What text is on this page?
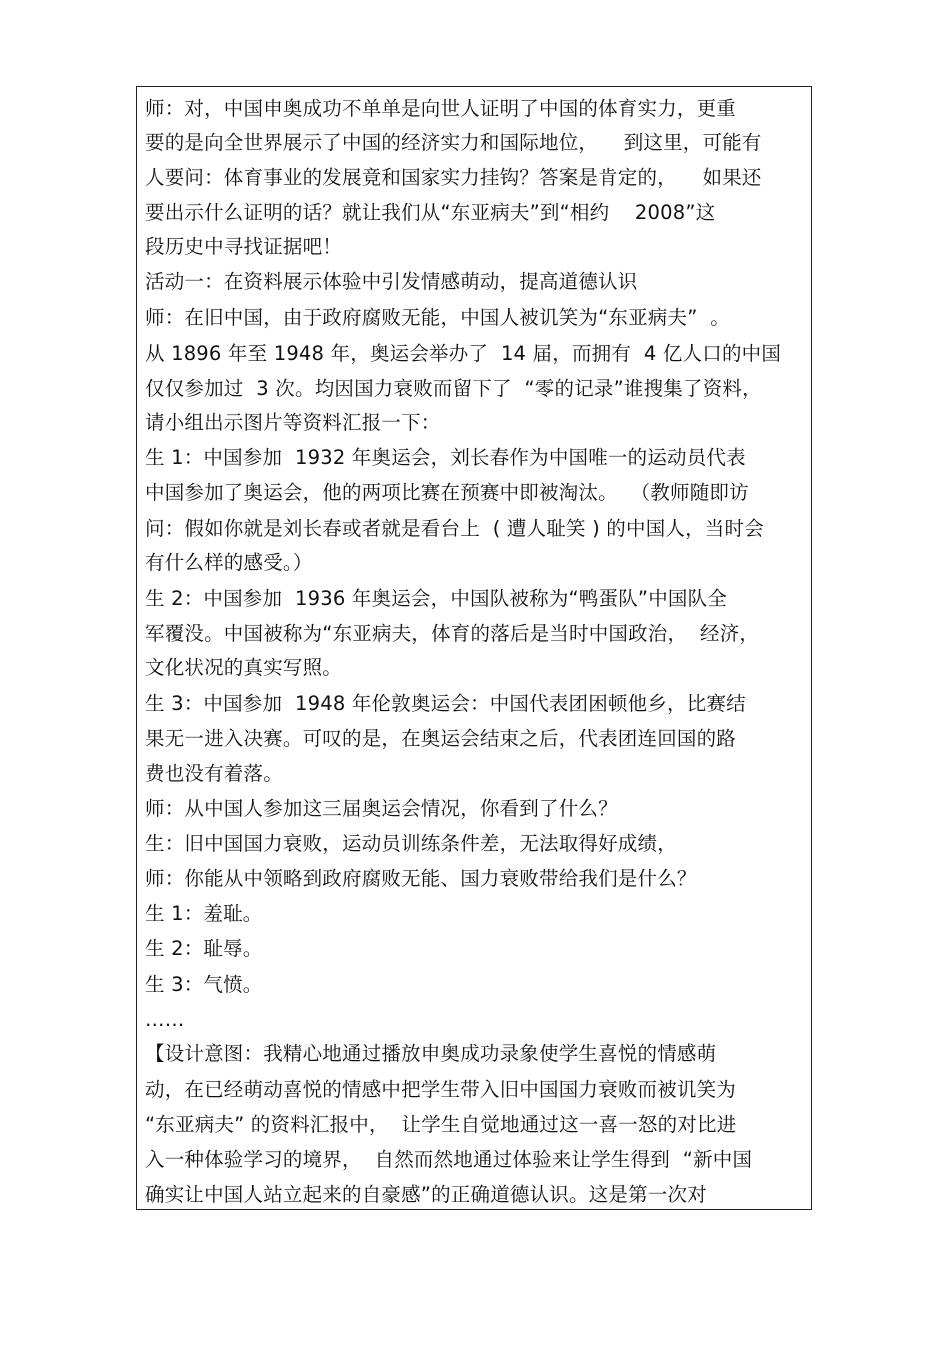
师：对，中国申奥成功不单单是向世人证明了中国的体育实力，更重
要的是向全世界展示了中国的经济实力和国际地位，    到这里，可能有
人要问：体育事业的发展竟和国家实力挂钩？答案是肯定的，    如果还
要出示什么证明的话？就让我们从“东亚病夫”到“相约    2008”这
段历史中寻找证据吧！
活动一：在资料展示体验中引发情感萌动，提高道德认识
师：在旧中国，由于政府腐败无能，中国人被讥笑为“东亚病夫”  。
从 1896 年至 1948 年，奥运会举办了  14 届，而拥有  4 亿人口的中国
仅仅参加过  3 次。均因国力衰败而留下了  “零的记录”谁搜集了资料，
请小组出示图片等资料汇报一下：
生 1：中国参加  1932 年奥运会，刘长春作为中国唯一的运动员代表
中国参加了奥运会，他的两项比赛在预赛中即被淘汰。  （教师随即访
问：假如你就是刘长春或者就是看台上  ( 遭人耻笑 ) 的中国人，当时会
有什么样的感受。）
生 2：中国参加  1936 年奥运会，中国队被称为“鸭蛋队”中国队全
军覆没。中国被称为“东亚病夫，体育的落后是当时中国政治，  经济，
文化状况的真实写照。
生 3：中国参加  1948 年伦敦奥运会：中国代表团困顿他乡，比赛结
果无一进入决赛。可叹的是，在奥运会结束之后，代表团连回国的路
费也没有着落。
师：从中国人参加这三届奥运会情况，你看到了什么？
生：旧中国国力衰败，运动员训练条件差，无法取得好成绩，
师：你能从中领略到政府腐败无能、国力衰败带给我们是什么？
生 1：羞耻。
生 2：耻辱。
生 3：气愤。
……
【设计意图：我精心地通过播放申奥成功录象使学生喜悦的情感萌
动，在已经萌动喜悦的情感中把学生带入旧中国国力衰败而被讥笑为
“东亚病夫” 的资料汇报中，  让学生自觉地通过这一喜一怒的对比进
入一种体验学习的境界，  自然而然地通过体验来让学生得到  “新中国
确实让中国人站立起来的自豪感”的正确道德认识。这是第一次对
